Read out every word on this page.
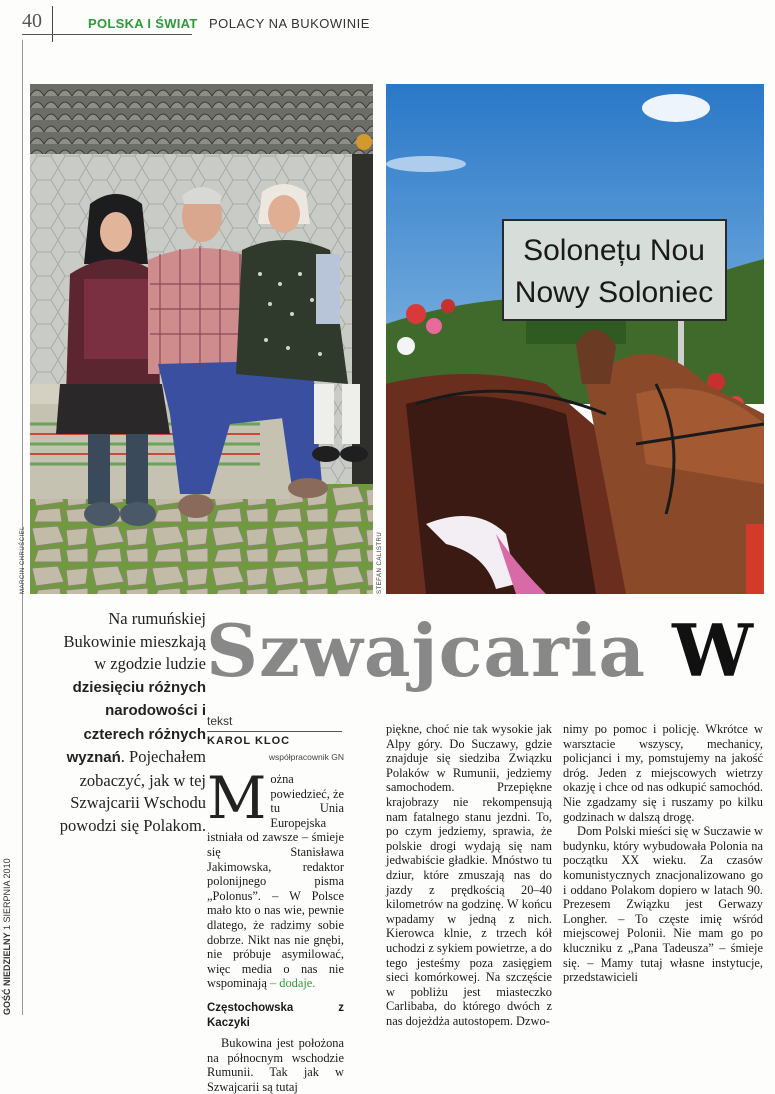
40	POLSKA I ŚWIAT POLACY NA BUKOWINIE
GOŚĆ NIEDZIELNY 1 SIERPNIA 2010
MARCIN CHRUŚCIEL
Solonețu Nou
Nowy Soloniec
STEFAN CALISTRU
Na rumuńskiej Bukowinie mieszkają w zgodzie ludzie dziesięciu różnych narodowości i czterech różnych wyznań. Pojechałem zobaczyć, jak w tej Szwajcarii Wschodu powodzi się Polakom.
Szwajcaria W
tekst
KAROL KLOC
współpracownik GN

Można powiedzieć, że tu Unia Europejska istniała od zawsze – śmieje się Stanisława Jakimowska, redaktor polonijnego pisma „Polonus”. – W Polsce mało kto o nas wie, pewnie dlatego, że radzimy sobie dobrze. Nikt nas nie gnębi, nie próbuje asymilować, więc media o nas nie wspominają – dodaje.

Częstochowska z Kaczyki

Bukowina jest położona na północnym wschodzie Rumunii. Tak jak w Szwajcarii są tutaj

piękne, choć nie tak wysokie jak Alpy góry. Do Suczawy, gdzie znajduje się siedziba Związku Polaków w Rumunii, jedziemy samochodem. Przepiękne krajobrazy nie rekompensują nam fatalnego stanu jezdni. To, po czym jedziemy, sprawia, że polskie drogi wydają się nam jedwabiście gładkie. Mnóstwo tu dziur, które zmuszają nas do jazdy z prędkością 20–40 kilometrów na godzinę. W końcu wpadamy w jedną z nich. Kierowca klnie, z trzech kół uchodzi z sykiem powietrze, a do tego jesteśmy poza zasięgiem sieci komórkowej. Na szczęście w pobliżu jest miasteczko Carlibaba, do którego dwóch z nas dojeżdża autostopem. Dzwo-

nimy po pomoc i policję. Wkrótce w warsztacie wszyscy, mechanicy, policjanci i my, pomstujemy na jakość dróg. Jeden z miejscowych wietrzy okazję i chce od nas odkupić samochód. Nie zgadzamy się i ruszamy po kilku godzinach w dalszą drogę.

Dom Polski mieści się w Suczawie w budynku, który wybudowała Polonia na początku XX wieku. Za czasów komunistycznych znacjonalizowano go i oddano Polakom dopiero w latach 90. Prezesem Związku jest Gerwazy Longher. – To częste imię wśród miejscowej Polonii. Nie mam go po kluczniku z „Pana Tadeusza” – śmieje się. – Mamy tutaj własne instytucje, przedstawicieli
